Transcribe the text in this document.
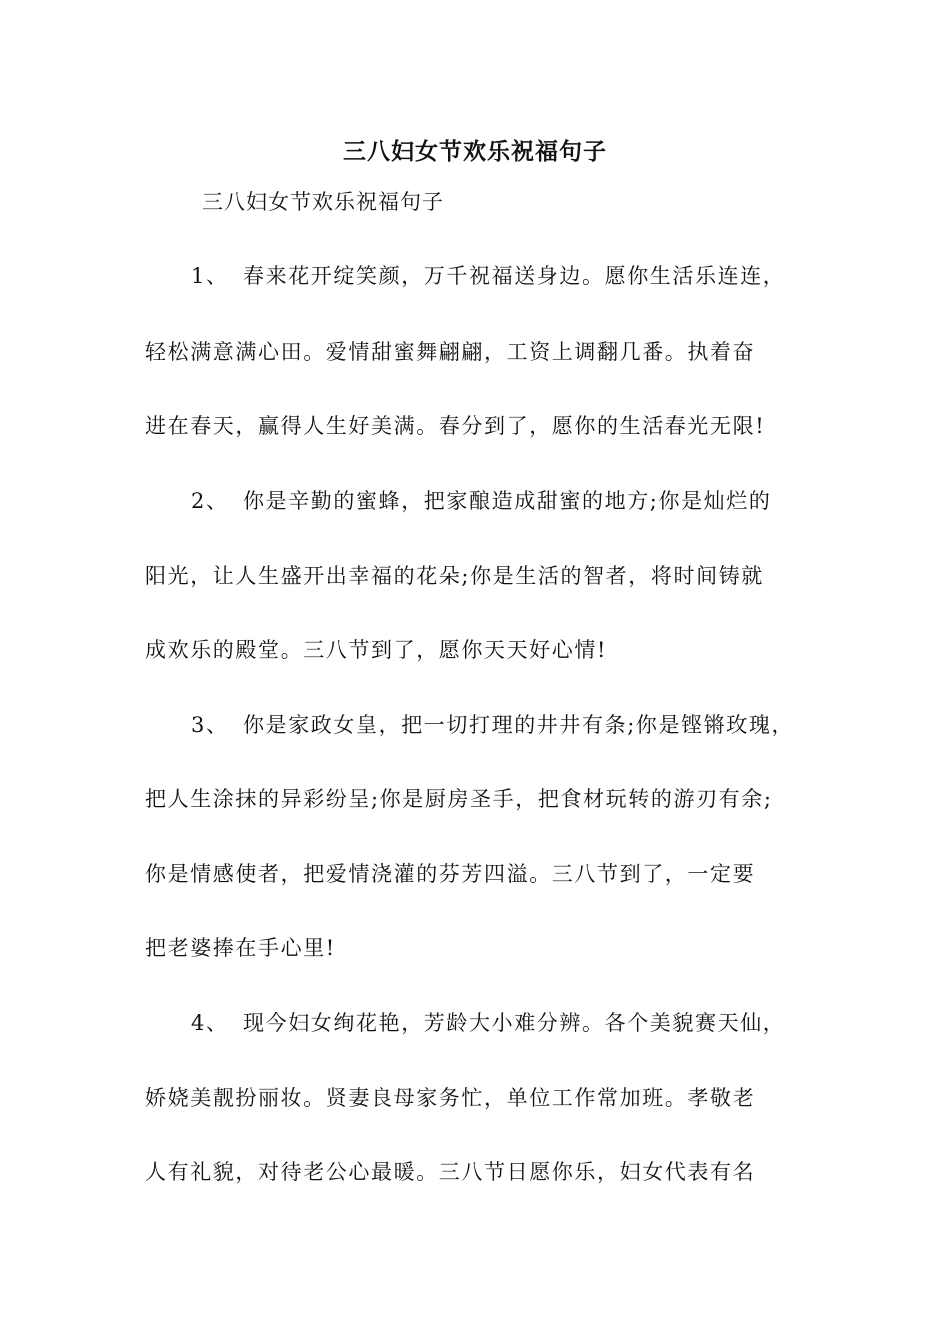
三八妇女节欢乐祝福句子
三八妇女节欢乐祝福句子
1、 春来花开绽笑颜，万千祝福送身边。愿你生活乐连连，
轻松满意满心田。爱情甜蜜舞翩翩，工资上调翻几番。执着奋
进在春天，赢得人生好美满。春分到了，愿你的生活春光无限!
2、 你是辛勤的蜜蜂，把家酿造成甜蜜的地方;你是灿烂的
阳光，让人生盛开出幸福的花朵;你是生活的智者，将时间铸就
成欢乐的殿堂。三八节到了，愿你天天好心情!
3、 你是家政女皇，把一切打理的井井有条;你是铿锵玫瑰，
把人生涂抹的异彩纷呈;你是厨房圣手，把食材玩转的游刃有余;
你是情感使者，把爱情浇灌的芬芳四溢。三八节到了，一定要
把老婆捧在手心里!
4、 现今妇女绚花艳，芳龄大小难分辨。各个美貌赛天仙，
娇娆美靓扮丽妆。贤妻良母家务忙，单位工作常加班。孝敬老
人有礼貌，对待老公心最暖。三八节日愿你乐，妇女代表有名
